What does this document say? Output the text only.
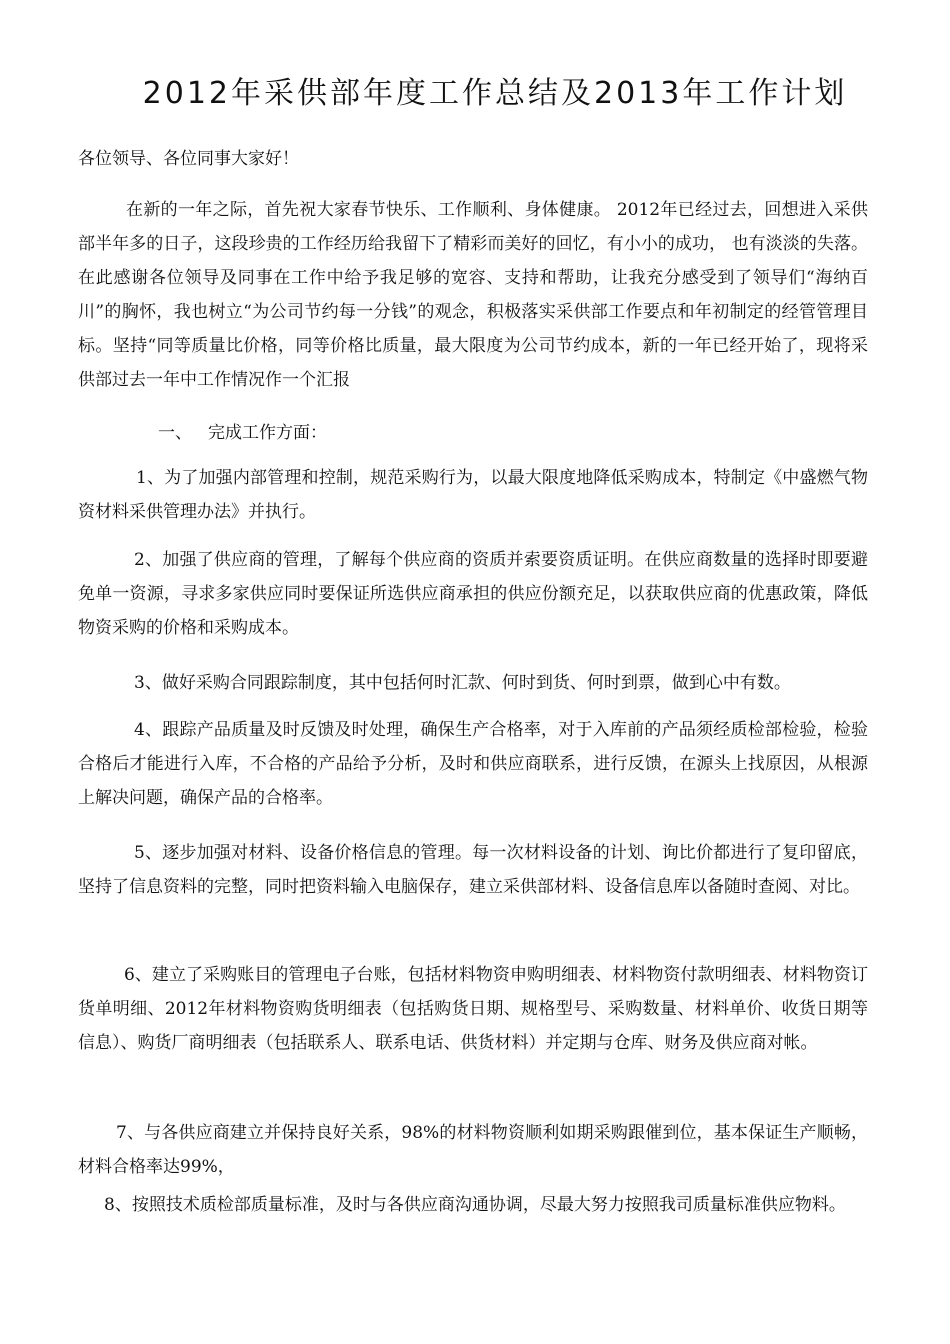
2012年采供部年度工作总结及2013年工作计划
各位领导、各位同事大家好！

在新的一年之际，首先祝大家春节快乐、工作顺利、身体健康。 2012年已经过去，回想进入采供部半年多的日子，这段珍贵的工作经历给我留下了精彩而美好的回忆，有小小的成功， 也有淡淡的失落。在此感谢各位领导及同事在工作中给予我足够的宽容、支持和帮助，让我充分感受到了领导们“海纳百川”的胸怀，我也树立“为公司节约每一分钱”的观念，积极落实采供部工作要点和年初制定的经管管理目标。坚持“同等质量比价格，同等价格比质量，最大限度为公司节约成本，新的一年已经开始了，现将采供部过去一年中工作情况作一个汇报

一、 完成工作方面：

1、为了加强内部管理和控制，规范采购行为，以最大限度地降低采购成本，特制定《中盛燃气物资材料采供管理办法》并执行。

2、加强了供应商的管理，了解每个供应商的资质并索要资质证明。在供应商数量的选择时即要避免单一资源，寻求多家供应同时要保证所选供应商承担的供应份额充足，以获取供应商的优惠政策，降低物资采购的价格和采购成本。

3、做好采购合同跟踪制度，其中包括何时汇款、何时到货、何时到票，做到心中有数。

4、跟踪产品质量及时反馈及时处理，确保生产合格率，对于入库前的产品须经质检部检验，检验合格后才能进行入库，不合格的产品给予分析，及时和供应商联系，进行反馈，在源头上找原因，从根源上解决问题，确保产品的合格率。

5、逐步加强对材料、设备价格信息的管理。每一次材料设备的计划、询比价都进行了复印留底，坚持了信息资料的完整，同时把资料输入电脑保存，建立采供部材料、设备信息库以备随时查阅、对比。

6、建立了采购账目的管理电子台账，包括材料物资申购明细表、材料物资付款明细表、材料物资订货单明细、2012年材料物资购货明细表（包括购货日期、规格型号、采购数量、材料单价、收货日期等信息）、购货厂商明细表（包括联系人、联系电话、供货材料）并定期与仓库、财务及供应商对帐。

7、与各供应商建立并保持良好关系，98%的材料物资顺利如期采购跟催到位，基本保证生产顺畅，材料合格率达99%，

8、按照技术质检部质量标准，及时与各供应商沟通协调，尽最大努力按照我司质量标准供应物料。
